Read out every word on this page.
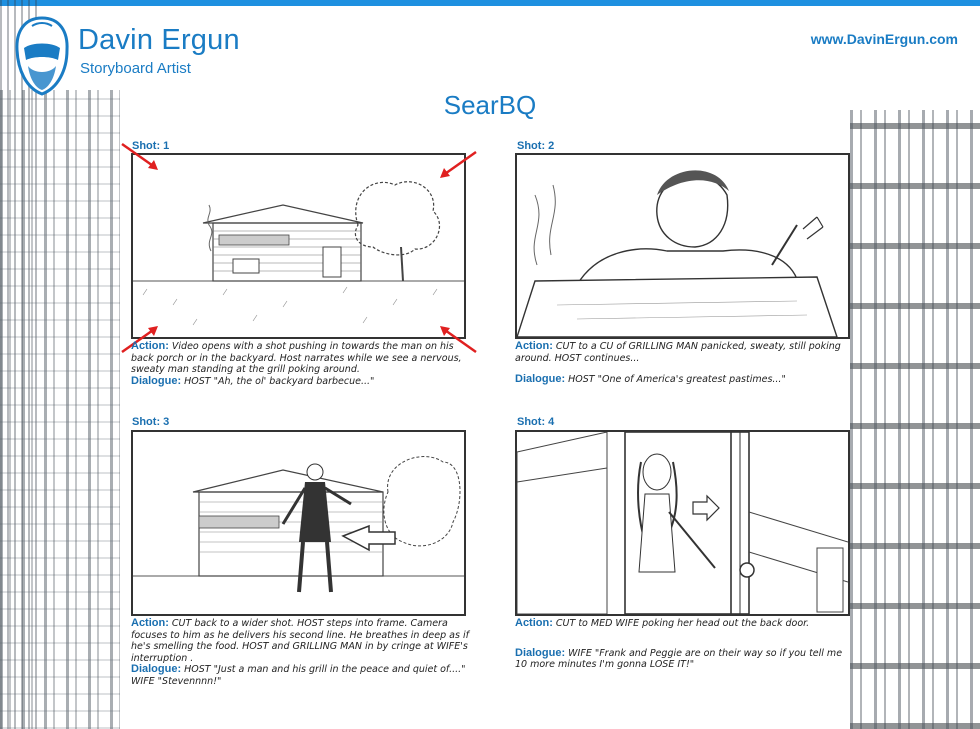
Davin Ergun
Storyboard Artist
www.DavinErgun.com
SearBQ
Shot: 1

Action: Video opens with a shot pushing in towards the man on his back porch or in the backyard. Host narrates while we see a nervous, sweaty man standing at the grill poking around.

Dialogue: HOST "Ah, the ol' backyard barbecue..."

Shot: 2

Action: CUT to a CU of GRILLING MAN panicked, sweaty, still poking around. HOST continues...

Dialogue: HOST "One of America's greatest pastimes..."

Shot: 3

Action: CUT back to a wider shot. HOST steps into frame. Camera focuses to him as he delivers his second line. He breathes in deep as if he's smelling the food. HOST and GRILLING MAN in by cringe at WIFE's interruption .

Dialogue: HOST "Just a man and his grill in the peace and quiet of...."

WIFE "Stevennnn!"

Shot: 4

Action: CUT to MED WIFE poking her head out the back door.

Dialogue: WIFE "Frank and Peggie are on their way so if you tell me 10 more minutes I'm gonna LOSE IT!"
